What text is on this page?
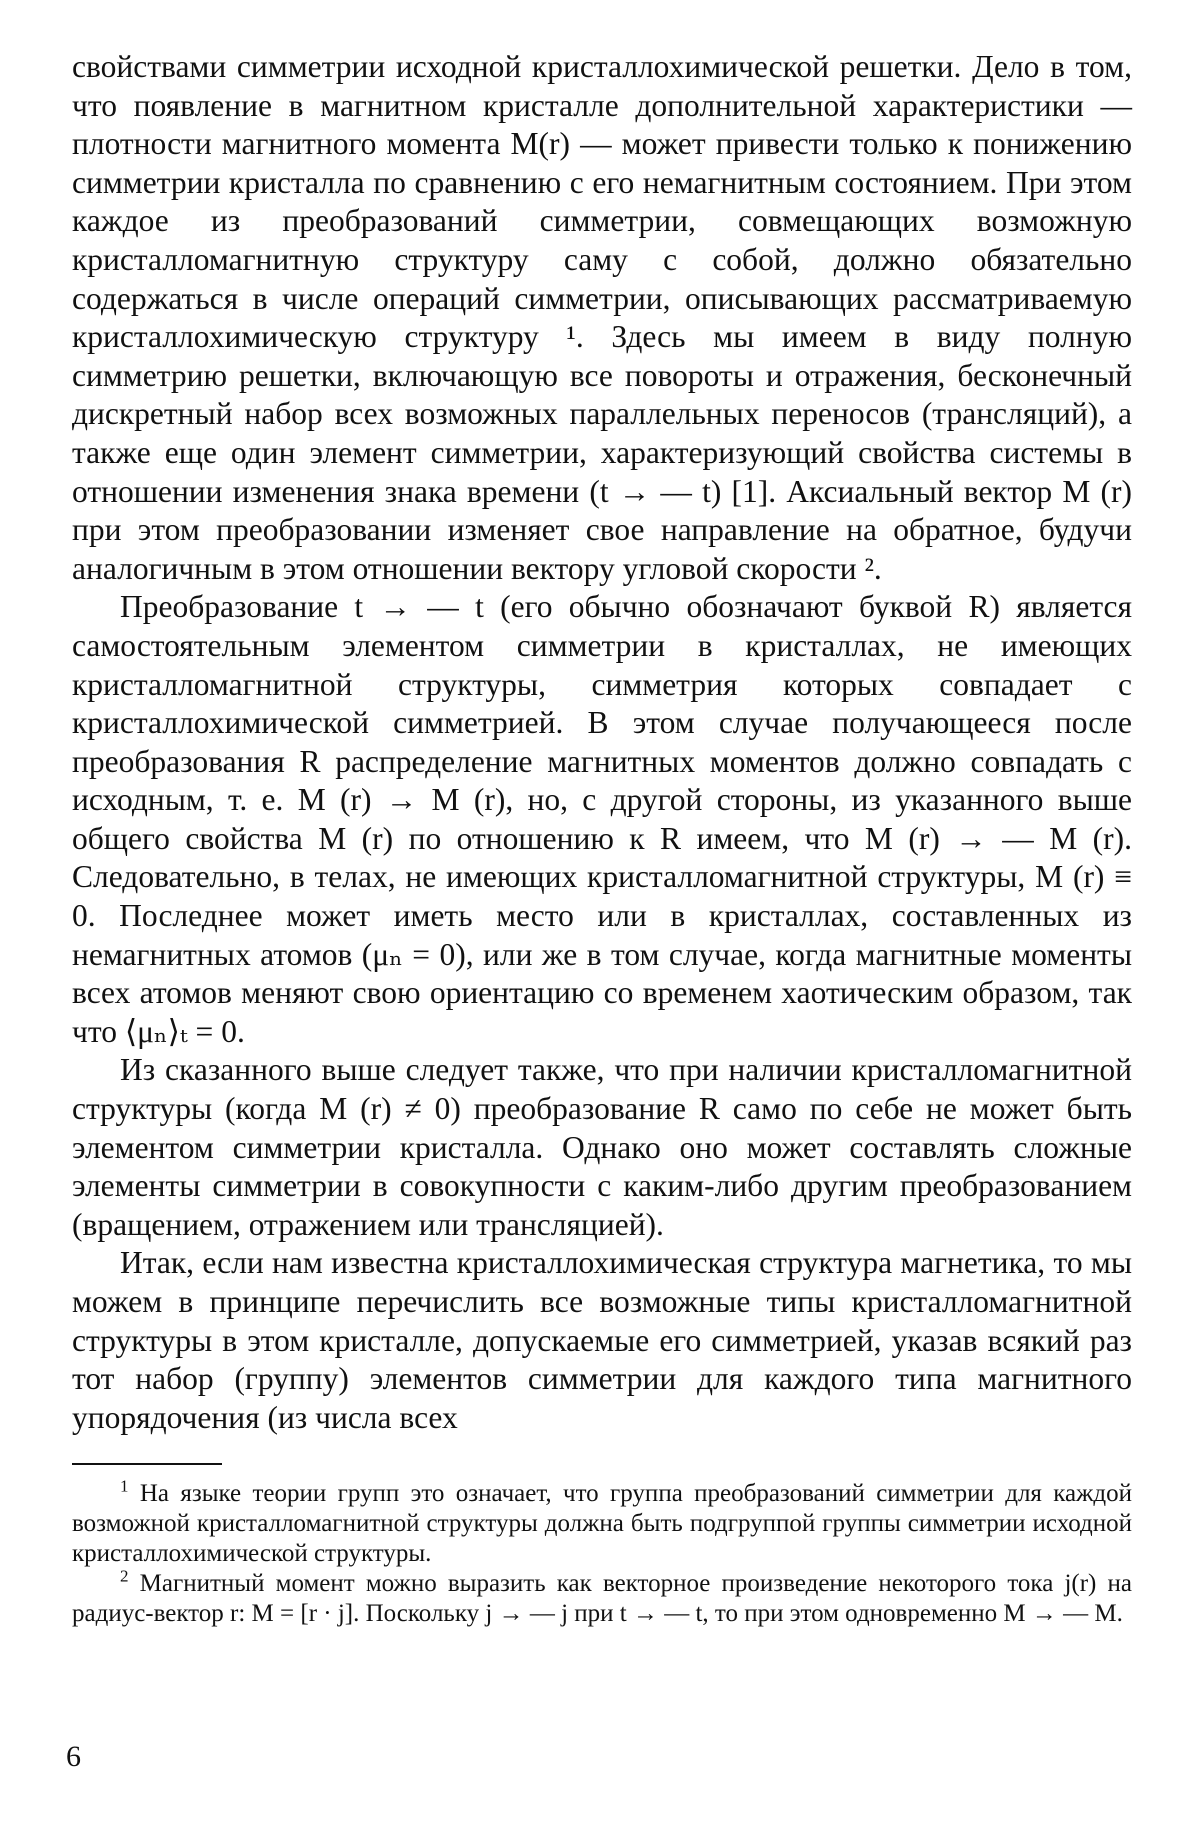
свойствами симметрии исходной кристаллохимической решетки. Дело в том, что появление в магнитном кристалле дополнительной характеристики — плотности магнитного момента M(r) — может привести только к понижению симметрии кристалла по сравнению с его немагнитным состоянием. При этом каждое из преобразований симметрии, совмещающих возможную кристалломагнитную структуру саму с собой, должно обязательно содержаться в числе операций симметрии, описывающих рассматриваемую кристаллохимическую структуру ¹. Здесь мы имеем в виду полную симметрию решетки, включающую все повороты и отражения, бесконечный дискретный набор всех возможных параллельных переносов (трансляций), а также еще один элемент симметрии, характеризующий свойства системы в отношении изменения знака времени (t → — t) [1]. Аксиальный вектор M (r) при этом преобразовании изменяет свое направление на обратное, будучи аналогичным в этом отношении вектору угловой скорости ².

Преобразование t → — t (его обычно обозначают буквой R) является самостоятельным элементом симметрии в кристаллах, не имеющих кристалломагнитной структуры, симметрия которых совпадает с кристаллохимической симметрией. В этом случае получающееся после преобразования R распределение магнитных моментов должно совпадать с исходным, т. е. M (r) → M (r), но, с другой стороны, из указанного выше общего свойства M (r) по отношению к R имеем, что M (r) → — M (r). Следовательно, в телах, не имеющих кристалломагнитной структуры, M (r) ≡ 0. Последнее может иметь место или в кристаллах, составленных из немагнитных атомов (μₙ = 0), или же в том случае, когда магнитные моменты всех атомов меняют свою ориентацию со временем хаотическим образом, так что ⟨μₙ⟩ₜ = 0.

Из сказанного выше следует также, что при наличии кристалломагнитной структуры (когда M (r) ≠ 0) преобразование R само по себе не может быть элементом симметрии кристалла. Однако оно может составлять сложные элементы симметрии в совокупности с каким-либо другим преобразованием (вращением, отражением или трансляцией).

Итак, если нам известна кристаллохимическая структура магнетика, то мы можем в принципе перечислить все возможные типы кристалломагнитной структуры в этом кристалле, допускаемые его симметрией, указав всякий раз тот набор (группу) элементов симметрии для каждого типа магнитного упорядочения (из числа всех

$^1$ На языке теории групп это означает, что группа преобразований симметрии для каждой возможной кристалломагнитной структуры должна быть подгруппой группы симметрии исходной кристаллохимической структуры.

$^2$ Магнитный момент можно выразить как векторное произведение некоторого тока j(r) на радиус-вектор r: M = [r · j]. Поскольку j → — j при t → — t, то при этом одновременно M → — M.

6
